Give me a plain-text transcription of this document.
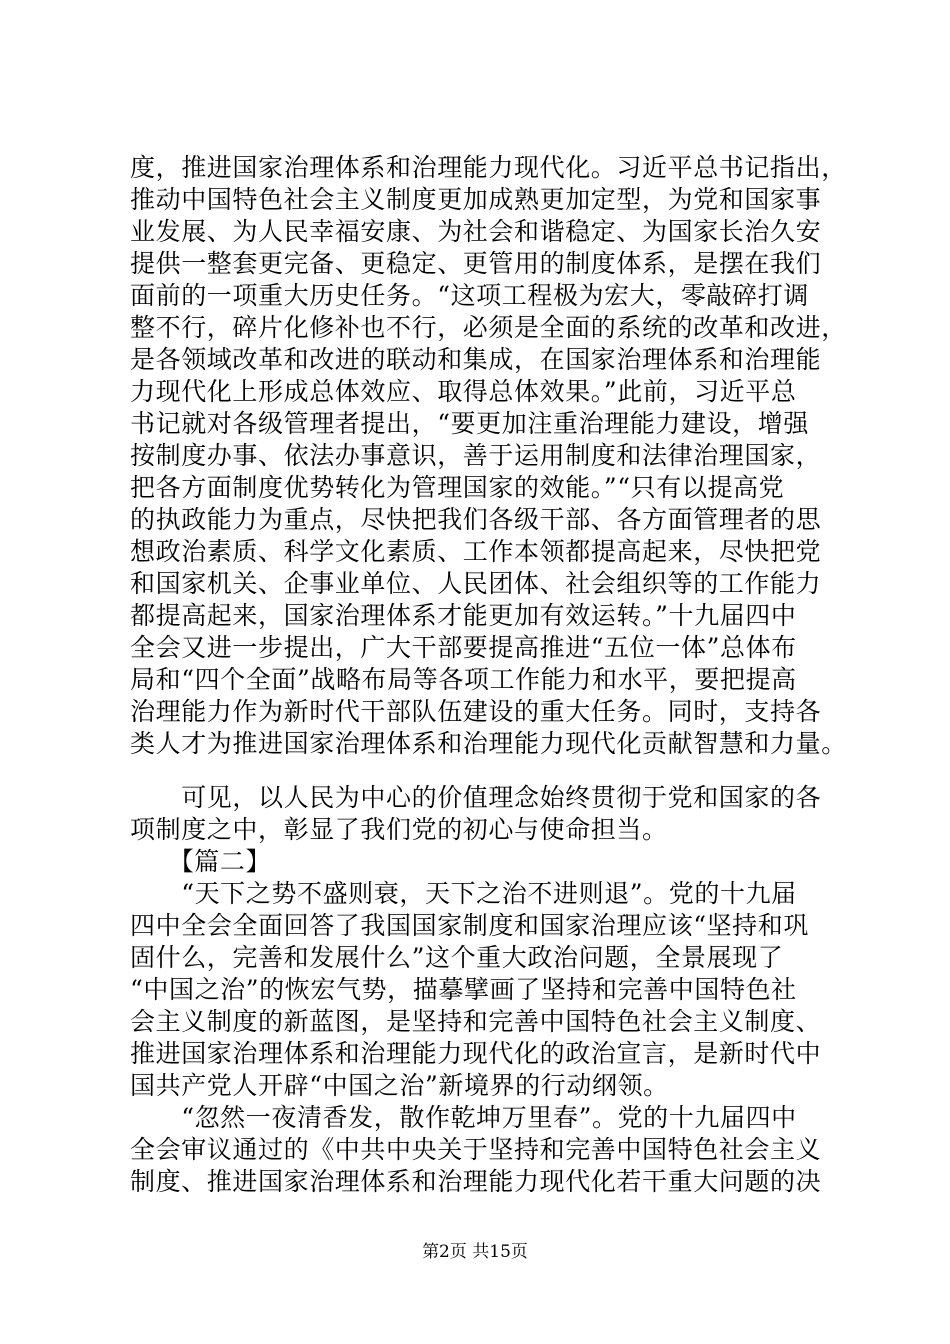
度，推进国家治理体系和治理能力现代化。习近平总书记指出，
推动中国特色社会主义制度更加成熟更加定型，为党和国家事
业发展、为人民幸福安康、为社会和谐稳定、为国家长治久安
提供一整套更完备、更稳定、更管用的制度体系，是摆在我们
面前的一项重大历史任务。“这项工程极为宏大，零敲碎打调
整不行，碎片化修补也不行，必须是全面的系统的改革和改进，
是各领域改革和改进的联动和集成，在国家治理体系和治理能
力现代化上形成总体效应、取得总体效果。”此前，习近平总
书记就对各级管理者提出，“要更加注重治理能力建设，增强
按制度办事、依法办事意识，善于运用制度和法律治理国家，
把各方面制度优势转化为管理国家的效能。”“只有以提高党
的执政能力为重点，尽快把我们各级干部、各方面管理者的思
想政治素质、科学文化素质、工作本领都提高起来，尽快把党
和国家机关、企事业单位、人民团体、社会组织等的工作能力
都提高起来，国家治理体系才能更加有效运转。”十九届四中
全会又进一步提出，广大干部要提高推进“五位一体”总体布
局和“四个全面”战略布局等各项工作能力和水平，要把提高
治理能力作为新时代干部队伍建设的重大任务。同时，支持各
类人才为推进国家治理体系和治理能力现代化贡献智慧和力量。
　　可见，以人民为中心的价值理念始终贯彻于党和国家的各
项制度之中，彰显了我们党的初心与使命担当。
　　【篇二】
　　“天下之势不盛则衰，天下之治不进则退”。党的十九届
四中全会全面回答了我国国家制度和国家治理应该“坚持和巩
固什么，完善和发展什么”这个重大政治问题，全景展现了
“中国之治”的恢宏气势，描摹擘画了坚持和完善中国特色社
会主义制度的新蓝图，是坚持和完善中国特色社会主义制度、
推进国家治理体系和治理能力现代化的政治宣言，是新时代中
国共产党人开辟“中国之治”新境界的行动纲领。
　　“忽然一夜清香发，散作乾坤万里春”。党的十九届四中
全会审议通过的《中共中央关于坚持和完善中国特色社会主义
制度、推进国家治理体系和治理能力现代化若干重大问题的决
第2页 共15页
